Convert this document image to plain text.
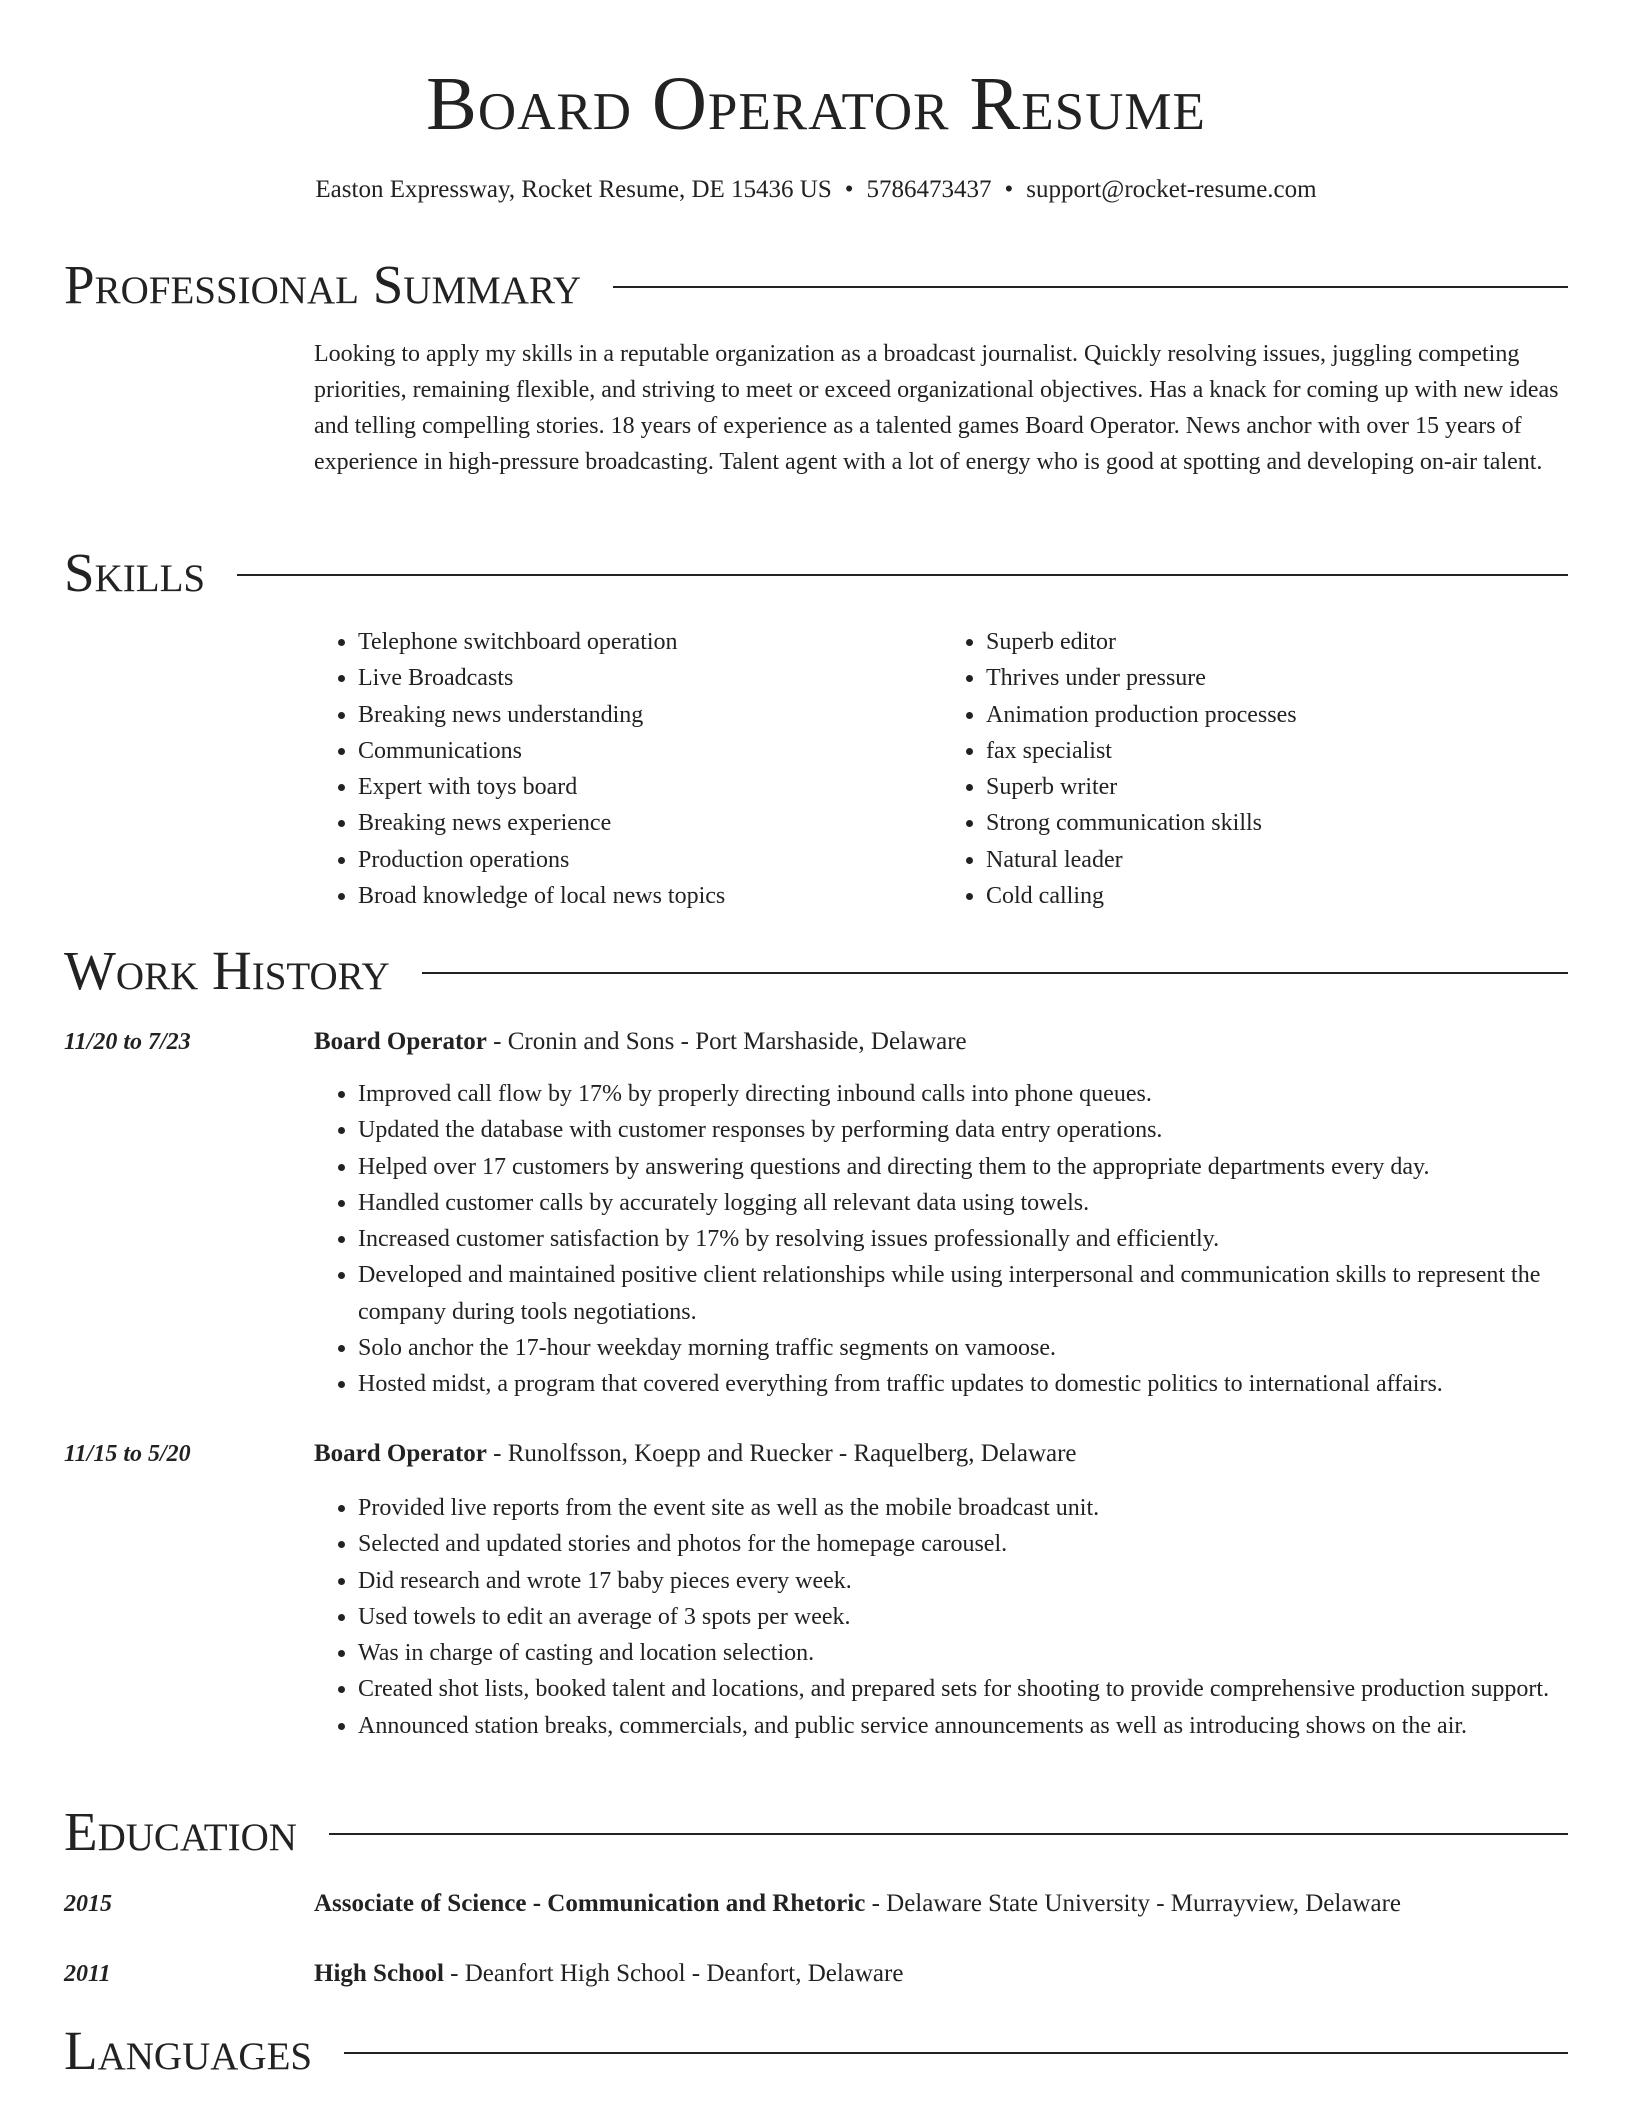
Board Operator Resume
Easton Expressway, Rocket Resume, DE 15436 US • 5786473437 • support@rocket-resume.com
Professional Summary

Looking to apply my skills in a reputable organization as a broadcast journalist. Quickly resolving issues, juggling competing priorities, remaining flexible, and striving to meet or exceed organizational objectives. Has a knack for coming up with new ideas and telling compelling stories. 18 years of experience as a talented games Board Operator. News anchor with over 15 years of experience in high-pressure broadcasting. Talent agent with a lot of energy who is good at spotting and developing on-air talent.

Skills
• Telephone switchboard operation
• Live Broadcasts
• Breaking news understanding
• Communications
• Expert with toys board
• Breaking news experience
• Production operations
• Broad knowledge of local news topics
• Superb editor
• Thrives under pressure
• Animation production processes
• fax specialist
• Superb writer
• Strong communication skills
• Natural leader
• Cold calling
Work History
11/20 to 7/23	Board Operator - Cronin and Sons - Port Marshaside, Delaware
• Improved call flow by 17% by properly directing inbound calls into phone queues.
• Updated the database with customer responses by performing data entry operations.
• Helped over 17 customers by answering questions and directing them to the appropriate departments every day.
• Handled customer calls by accurately logging all relevant data using towels.
• Increased customer satisfaction by 17% by resolving issues professionally and efficiently.
• Developed and maintained positive client relationships while using interpersonal and communication skills to represent the company during tools negotiations.
• Solo anchor the 17-hour weekday morning traffic segments on vamoose.
• Hosted midst, a program that covered everything from traffic updates to domestic politics to international affairs.
11/15 to 5/20	Board Operator - Runolfsson, Koepp and Ruecker - Raquelberg, Delaware
• Provided live reports from the event site as well as the mobile broadcast unit.
• Selected and updated stories and photos for the homepage carousel.
• Did research and wrote 17 baby pieces every week.
• Used towels to edit an average of 3 spots per week.
• Was in charge of casting and location selection.
• Created shot lists, booked talent and locations, and prepared sets for shooting to provide comprehensive production support.
• Announced station breaks, commercials, and public service announcements as well as introducing shows on the air.
Education
2015	Associate of Science - Communication and Rhetoric - Delaware State University - Murrayview, Delaware
2011	High School - Deanfort High School - Deanfort, Delaware
Languages
